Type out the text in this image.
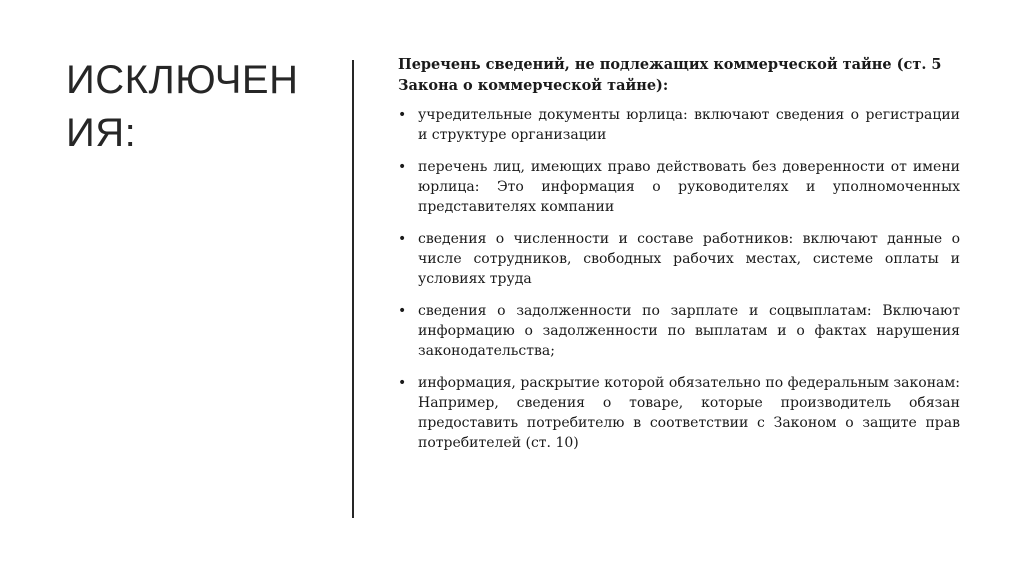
ИСКЛЮЧЕНИЯ:

Перечень сведений, не подлежащих коммерческой тайне (ст. 5 Закона о коммерческой тайне):

• учредительные документы юрлица: включают сведения о регистрации и структуре организации
• перечень лиц, имеющих право действовать без доверенности от имени юрлица: Это информация о руководителях и уполномоченных представителях компании
• сведения о численности и составе работников: включают данные о числе сотрудников, свободных рабочих местах, системе оплаты и условиях труда
• сведения о задолженности по зарплате и соцвыплатам: Включают информацию о задолженности по выплатам и о фактах нарушения законодательства;
• информация, раскрытие которой обязательно по федеральным законам: Например, сведения о товаре, которые производитель обязан предоставить потребителю в соответствии с Законом о защите прав потребителей (ст. 10)
